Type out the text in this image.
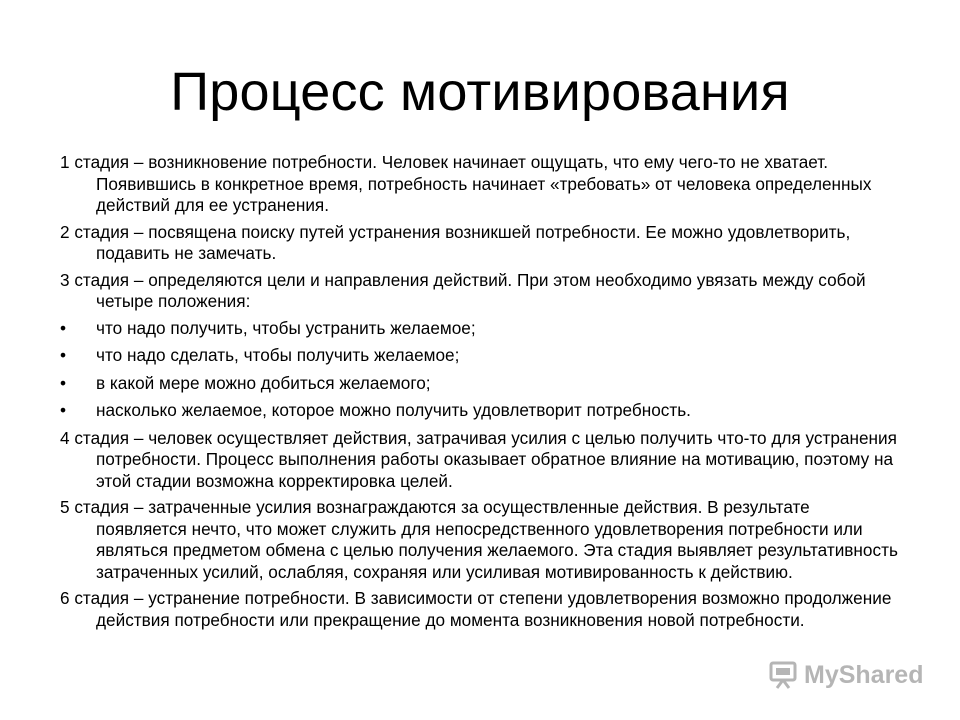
Процесс мотивирования

1 стадия – возникновение потребности. Человек начинает ощущать, что ему чего-то не хватает. Появившись в конкретное время, потребность начинает «требовать» от человека определенных действий для ее устранения.

2 стадия – посвящена поиску путей устранения возникшей потребности. Ее можно удовлетворить, подавить не замечать.

3 стадия – определяются цели и направления действий. При этом необходимо увязать между собой четыре положения:

• что надо получить, чтобы устранить желаемое;
• что надо сделать, чтобы получить желаемое;
• в какой мере можно добиться желаемого;
• насколько желаемое, которое можно получить удовлетворит потребность.

4 стадия – человек осуществляет действия, затрачивая усилия с целью получить что-то для устранения потребности. Процесс выполнения работы оказывает обратное влияние на мотивацию, поэтому на этой стадии возможна корректировка целей.

5 стадия – затраченные усилия вознаграждаются за осуществленные действия. В результате появляется нечто, что может служить для непосредственного удовлетворения потребности или являться предметом обмена с целью получения желаемого. Эта стадия выявляет результативность затраченных усилий, ослабляя, сохраняя или усиливая мотивированность к действию.

6 стадия – устранение потребности. В зависимости от степени удовлетворения возможно продолжение действия потребности или прекращение до момента возникновения новой потребности.

MyShared
